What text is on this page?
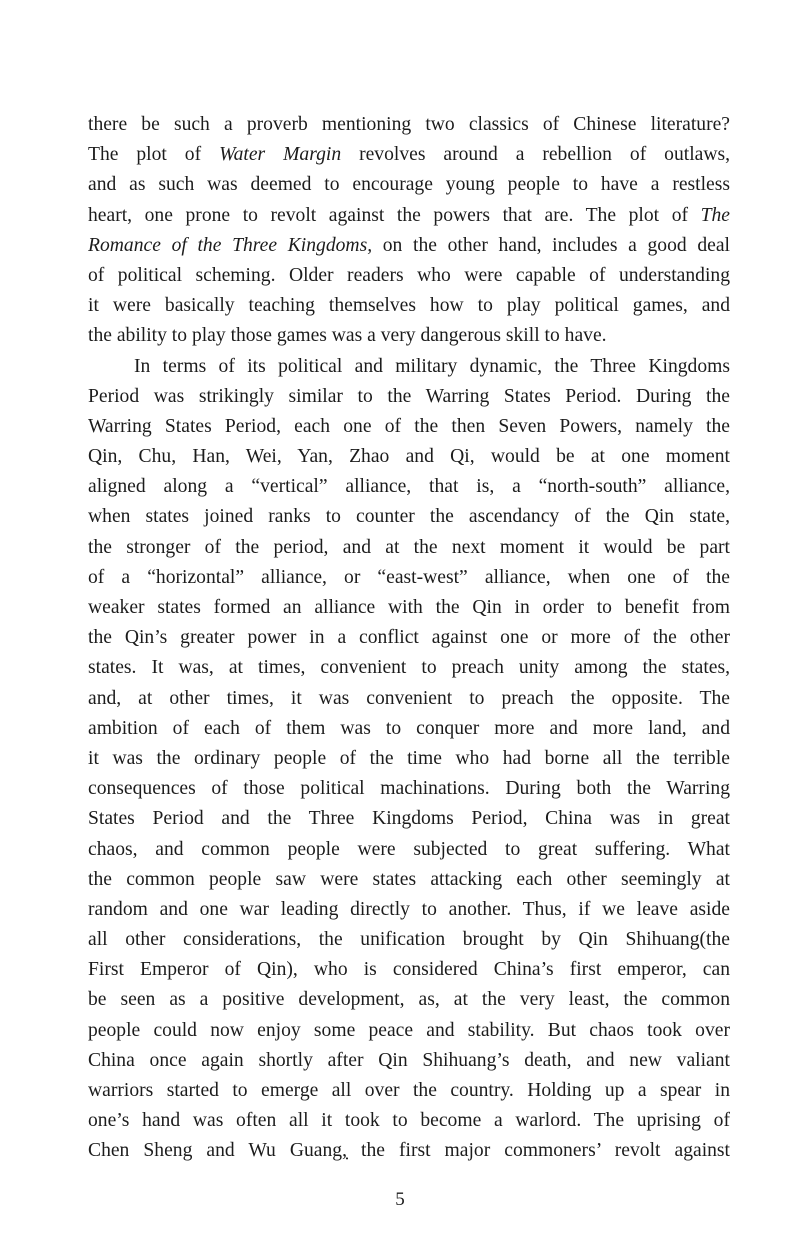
there be such a proverb mentioning two classics of Chinese literature?
The plot of Water Margin revolves around a rebellion of outlaws,
and as such was deemed to encourage young people to have a restless
heart, one prone to revolt against the powers that are. The plot of The
Romance of the Three Kingdoms, on the other hand, includes a good deal
of political scheming. Older readers who were capable of understanding
it were basically teaching themselves how to play political games, and
the ability to play those games was a very dangerous skill to have.
In terms of its political and military dynamic, the Three Kingdoms
Period was strikingly similar to the Warring States Period. During the
Warring States Period, each one of the then Seven Powers, namely the
Qin, Chu, Han, Wei, Yan, Zhao and Qi, would be at one moment
aligned along a “vertical” alliance, that is, a “north-south” alliance,
when states joined ranks to counter the ascendancy of the Qin state,
the stronger of the period, and at the next moment it would be part
of a “horizontal” alliance, or “east-west” alliance, when one of the
weaker states formed an alliance with the Qin in order to benefit from
the Qin’s greater power in a conflict against one or more of the other
states. It was, at times, convenient to preach unity among the states,
and, at other times, it was convenient to preach the opposite. The
ambition of each of them was to conquer more and more land, and
it was the ordinary people of the time who had borne all the terrible
consequences of those political machinations. During both the Warring
States Period and the Three Kingdoms Period, China was in great
chaos, and common people were subjected to great suffering. What
the common people saw were states attacking each other seemingly at
random and one war leading directly to another. Thus, if we leave aside
all other considerations, the unification brought by Qin Shihuang(the
First Emperor of Qin), who is considered China’s first emperor, can
be seen as a positive development, as, at the very least, the common
people could now enjoy some peace and stability. But chaos took over
China once again shortly after Qin Shihuang’s death, and new valiant
warriors started to emerge all over the country. Holding up a spear in
one’s hand was often all it took to become a warlord. The uprising of
Chen Sheng and Wu Guang,̣ the first major commoners’ revolt against
5
